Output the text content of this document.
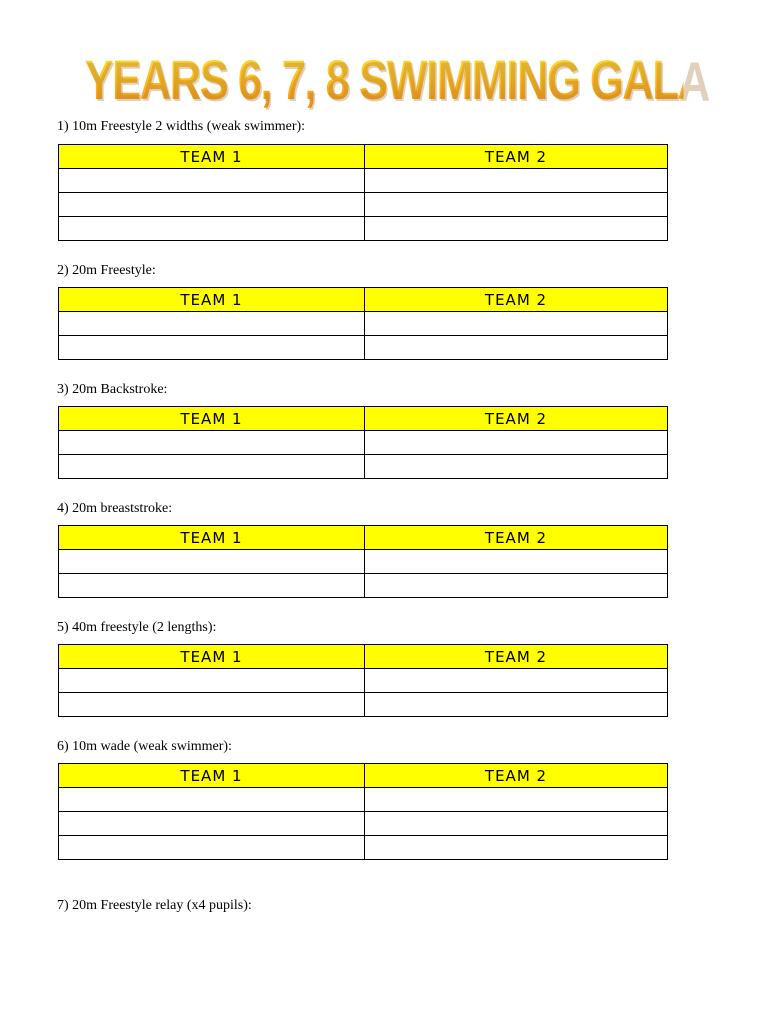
YEARS 6, 7, 8 SWIMMING GALA
1) 10m Freestyle 2 widths (weak swimmer):
TEAM 1	TEAM 2

2) 20m Freestyle:
TEAM 1	TEAM 2

3) 20m Backstroke:
TEAM 1	TEAM 2

4) 20m breaststroke:
TEAM 1	TEAM 2

5) 40m freestyle (2 lengths):
TEAM 1	TEAM 2

6) 10m wade (weak swimmer):
TEAM 1	TEAM 2

7) 20m Freestyle relay (x4 pupils):
